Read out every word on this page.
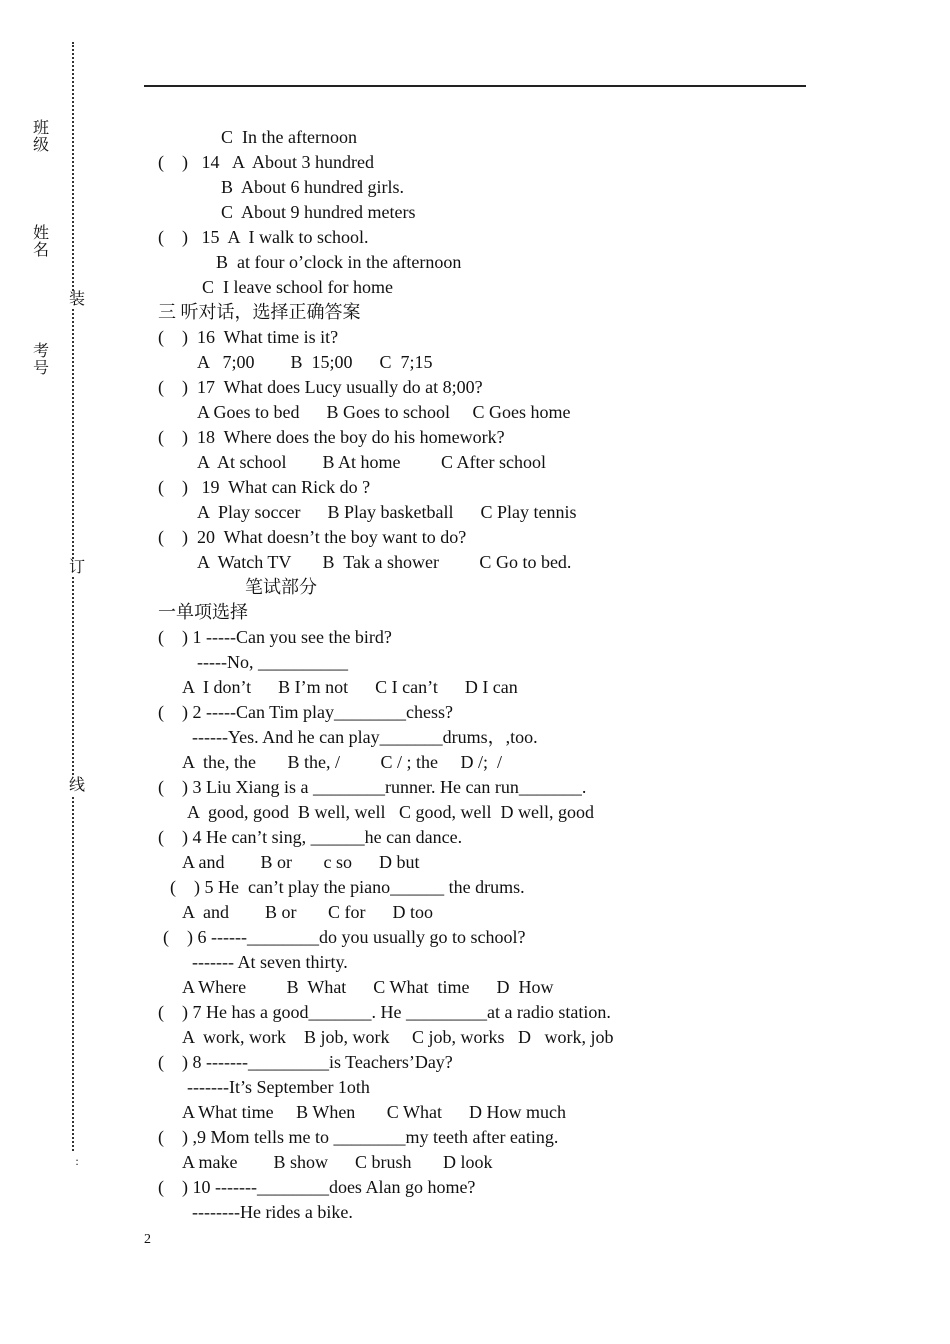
班
级
姓
名
考
号
装
订
线
:
C  In the afternoon
(    )   14   A  About 3 hundred
B  About 6 hundred girls.
C  About 9 hundred meters
(    )   15  A  I walk to school.
B  at four o’clock in the afternoon
C  I leave school for home
三 听对话，选择正确答案
(    )  16  What time is it?
A   7;00        B  15;00      C  7;15
(    )  17  What does Lucy usually do at 8;00?
A Goes to bed      B Goes to school     C Goes home
(    )  18  Where does the boy do his homework?
A  At school        B At home         C After school
(    )   19  What can Rick do ?
A  Play soccer      B Play basketball      C Play tennis
(    )  20  What doesn’t the boy want to do?
A  Watch TV       B  Tak a shower         C Go to bed.
笔试部分
一单项选择
(    ) 1 -----Can you see the bird?
-----No, __________
A  I don’t      B I’m not      C I can’t      D I can
(    ) 2 -----Can Tim play________chess?
------Yes. And he can play_______drums，,too.
A  the, the       B the, /         C / ; the     D /;  /
(    ) 3 Liu Xiang is a ________runner. He can run_______.
A  good, good  B well, well   C good, well  D well, good
(    ) 4 He can’t sing, ______he can dance.
A and        B or       c so      D but
(    ) 5 He  can’t play the piano______ the drums.
A  and        B or       C for      D too
(    ) 6 ------________do you usually go to school?
------- At seven thirty.
A Where         B  What      C What  time      D  How
(    ) 7 He has a good_______. He _________at a radio station.
A  work, work    B job, work     C job, works   D   work, job
(    ) 8 -------_________is Teachers’Day?
-------It’s September 1oth
A What time     B When       C What      D How much
(    ) ,9 Mom tells me to ________my teeth after eating.
A make        B show      C brush       D look
(    ) 10 -------________does Alan go home?
--------He rides a bike.
2
